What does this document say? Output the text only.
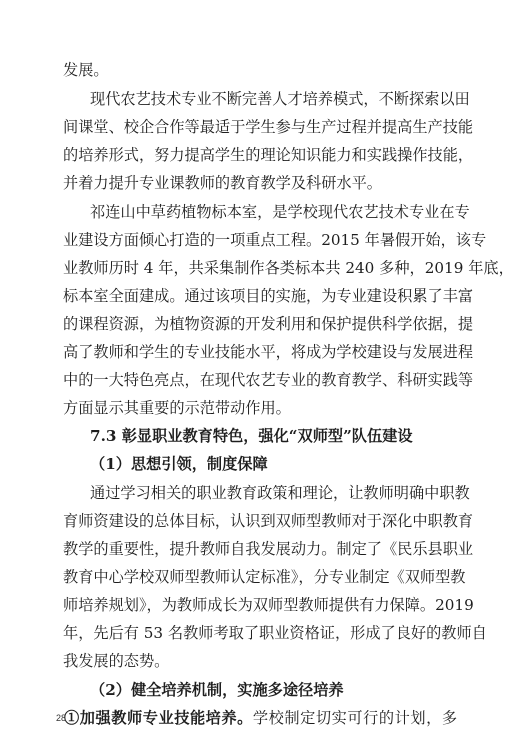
发展。
现代农艺技术专业不断完善人才培养模式，不断探索以田
间课堂、校企合作等最适于学生参与生产过程并提高生产技能
的培养形式，努力提高学生的理论知识能力和实践操作技能，
并着力提升专业课教师的教育教学及科研水平。
祁连山中草药植物标本室，是学校现代农艺技术专业在专
业建设方面倾心打造的一项重点工程。2015 年暑假开始，该专
业教师历时 4 年，共采集制作各类标本共 240 多种，2019 年底，
标本室全面建成。通过该项目的实施，为专业建设积累了丰富
的课程资源，为植物资源的开发利用和保护提供科学依据，提
高了教师和学生的专业技能水平，将成为学校建设与发展进程
中的一大特色亮点，在现代农艺专业的教育教学、科研实践等
方面显示其重要的示范带动作用。
7.3 彰显职业教育特色，强化“双师型”队伍建设
（1）思想引领，制度保障
通过学习相关的职业教育政策和理论，让教师明确中职教
育师资建设的总体目标，认识到双师型教师对于深化中职教育
教学的重要性，提升教师自我发展动力。制定了《民乐县职业
教育中心学校双师型教师认定标准》，分专业制定《双师型教
师培养规划》，为教师成长为双师型教师提供有力保障。2019
年，先后有 53 名教师考取了职业资格证，形成了良好的教师自
我发展的态势。
（2）健全培养机制，实施多途径培养
①加强教师专业技能培养。学校制定切实可行的计划，多
28
